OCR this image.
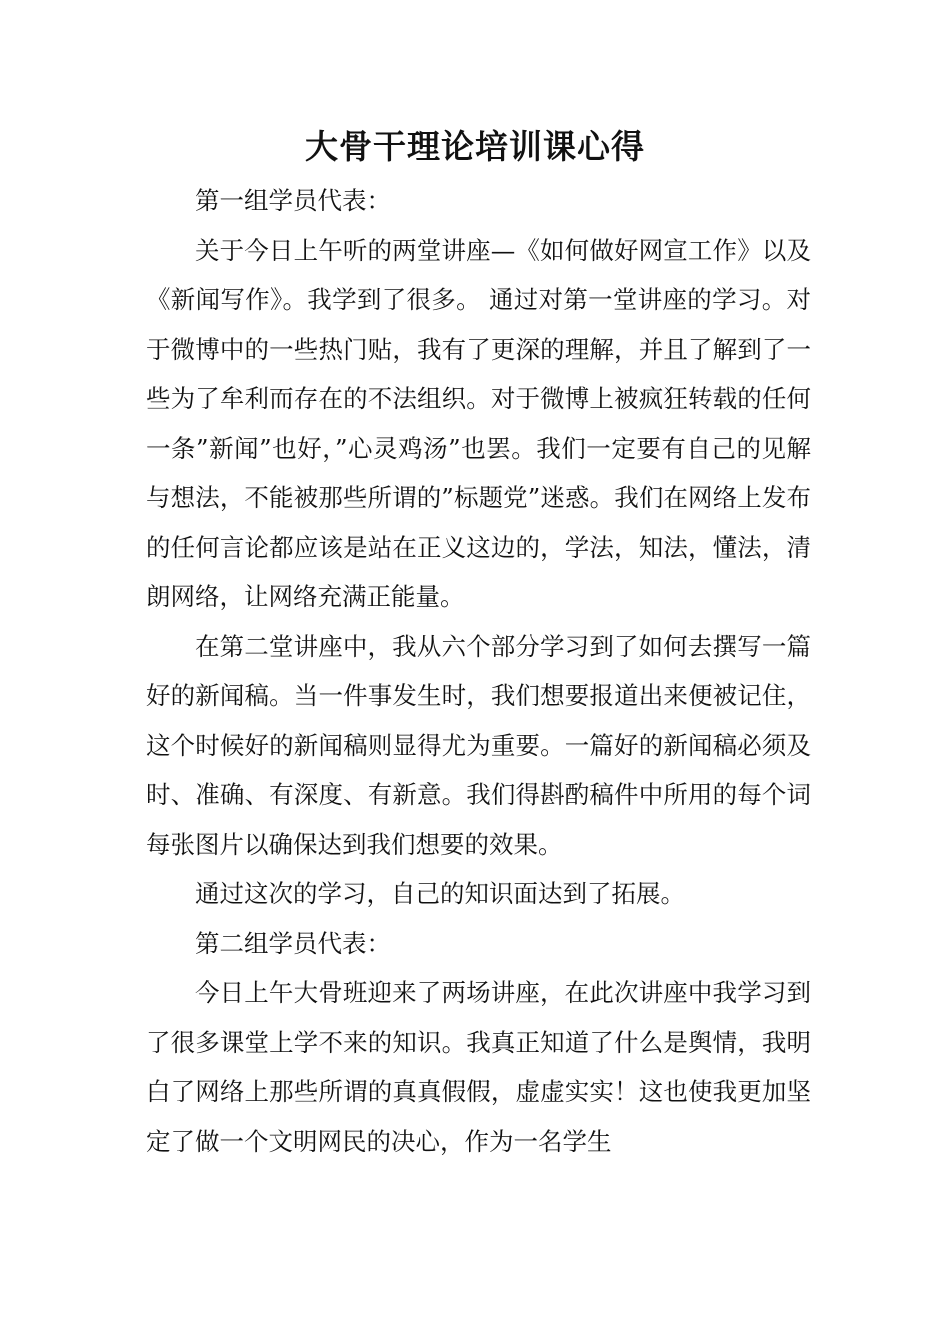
大骨干理论培训课心得

第一组学员代表：

关于今日上午听的两堂讲座—《如何做好网宣工作》以及《新闻写作》。我学到了很多。 通过对第一堂讲座的学习。对于微博中的一些热门贴，我有了更深的理解，并且了解到了一些为了牟利而存在的不法组织。对于微博上被疯狂转载的任何一条”新闻”也好，”心灵鸡汤”也罢。我们一定要有自己的见解与想法，不能被那些所谓的”标题党”迷惑。我们在网络上发布的任何言论都应该是站在正义这边的，学法，知法，懂法，清朗网络，让网络充满正能量。

在第二堂讲座中，我从六个部分学习到了如何去撰写一篇好的新闻稿。当一件事发生时，我们想要报道出来便被记住，这个时候好的新闻稿则显得尤为重要。一篇好的新闻稿必须及时、准确、有深度、有新意。我们得斟酌稿件中所用的每个词每张图片以确保达到我们想要的效果。

通过这次的学习，自己的知识面达到了拓展。

第二组学员代表：

今日上午大骨班迎来了两场讲座，在此次讲座中我学习到了很多课堂上学不来的知识。我真正知道了什么是舆情，我明白了网络上那些所谓的真真假假，虚虚实实！这也使我更加坚定了做一个文明网民的决心，作为一名学生
